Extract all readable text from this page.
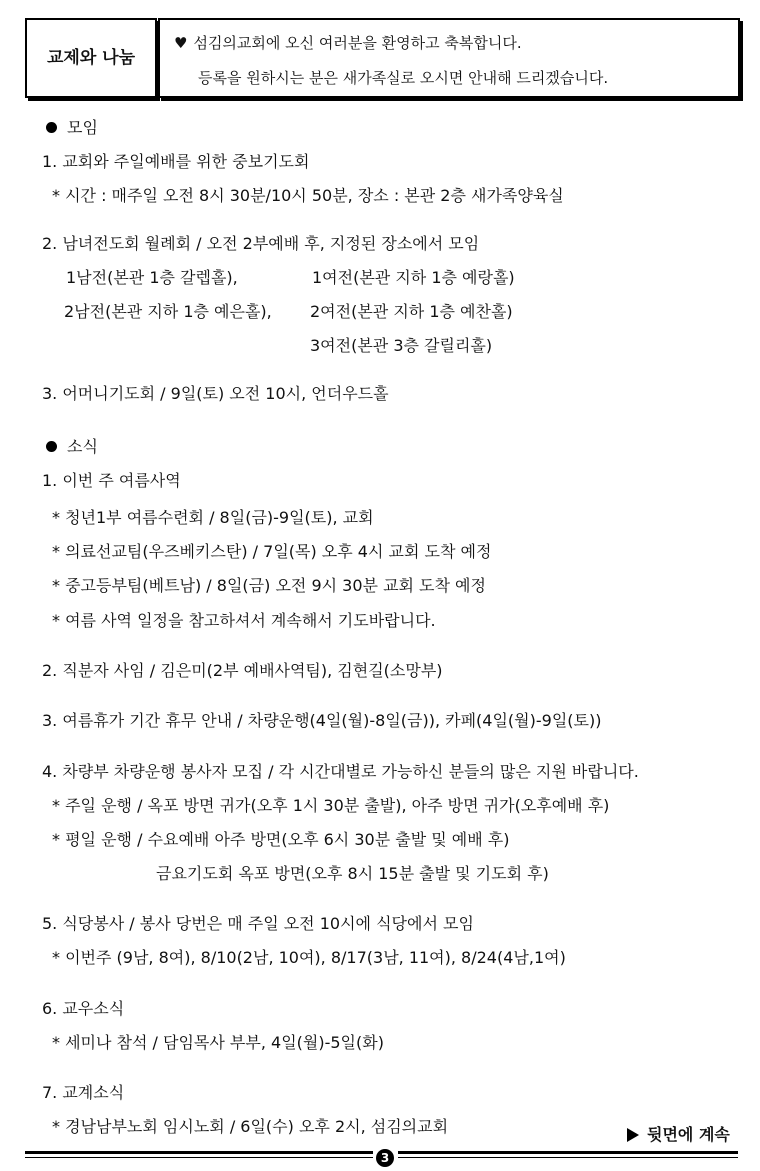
교제와 나눔
♥ 섬김의교회에 오신 여러분을 환영하고 축복합니다.
등록을 원하시는 분은 새가족실로 오시면 안내해 드리겠습니다.
모임
1. 교회와 주일예배를 위한 중보기도회
* 시간 : 매주일 오전 8시 30분/10시 50분, 장소 : 본관 2층 새가족양육실
2. 남녀전도회 월례회 / 오전 2부예배 후, 지정된 장소에서 모임
1남전(본관 1층 갈렙홀),	1여전(본관 지하 1층 예랑홀)
2남전(본관 지하 1층 예은홀), 2여전(본관 지하 1층 예찬홀)
3여전(본관 3층 갈릴리홀)
3. 어머니기도회 / 9일(토) 오전 10시, 언더우드홀
소식
1. 이번 주 여름사역
* 청년1부 여름수련회 / 8일(금)-9일(토), 교회
* 의료선교팀(우즈베키스탄) / 7일(목) 오후 4시 교회 도착 예정
* 중고등부팀(베트남) / 8일(금) 오전 9시 30분 교회 도착 예정
* 여름 사역 일정을 참고하셔서 계속해서 기도바랍니다.
2. 직분자 사임 / 김은미(2부 예배사역팀), 김현길(소망부)
3. 여름휴가 기간 휴무 안내 / 차량운행(4일(월)-8일(금)), 카페(4일(월)-9일(토))
4. 차량부 차량운행 봉사자 모집 / 각 시간대별로 가능하신 분들의 많은 지원 바랍니다.
* 주일 운행 / 옥포 방면 귀가(오후 1시 30분 출발), 아주 방면 귀가(오후예배 후)
* 평일 운행 / 수요예배 아주 방면(오후 6시 30분 출발 및 예배 후)
금요기도회 옥포 방면(오후 8시 15분 출발 및 기도회 후)
5. 식당봉사 / 봉사 당번은 매 주일 오전 10시에 식당에서 모임
* 이번주 (9남, 8여), 8/10(2남, 10여), 8/17(3남, 11여), 8/24(4남,1여)
6. 교우소식
* 세미나 참석 / 담임목사 부부, 4일(월)-5일(화)
7. 교계소식
* 경남남부노회 임시노회 / 6일(수) 오후 2시, 섬김의교회	뒷면에 계속
3
